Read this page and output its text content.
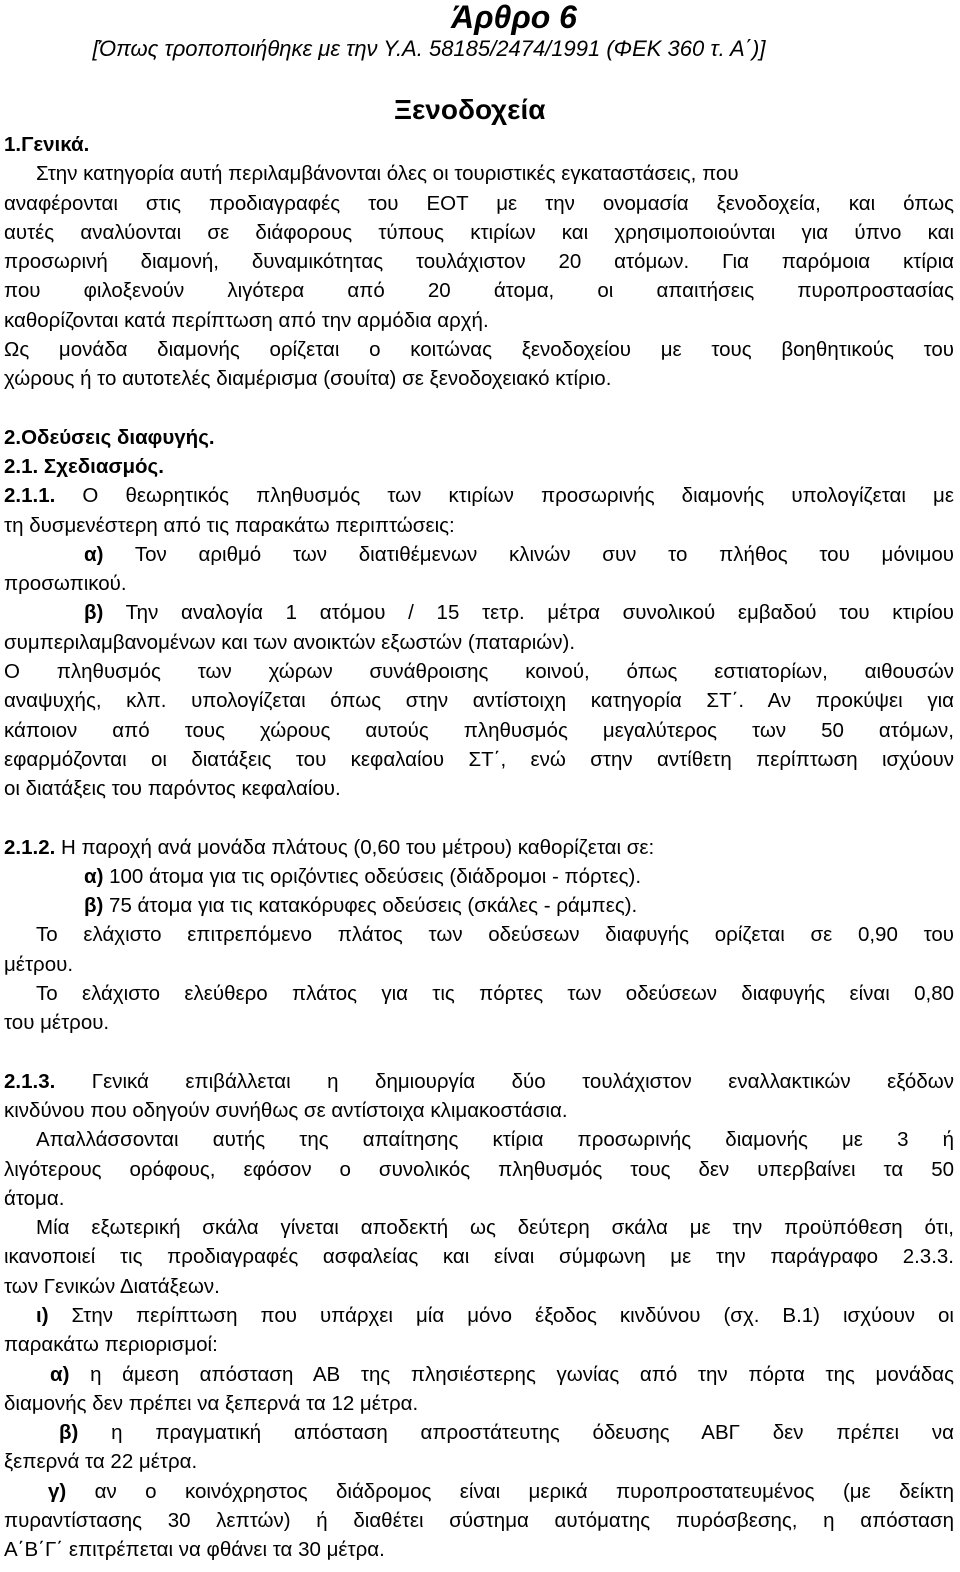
Άρθρο 6
[Όπως τροποποιήθηκε με την Υ.Α. 58185/2474/1991 (ΦΕΚ 360 τ. Α΄)]
Ξενοδοχεία
1.Γενικά.
Στην κατηγορία αυτή περιλαμβάνονται όλες οι τουριστικές εγκαταστάσεις, που
αναφέρονται στις προδιαγραφές του ΕΟΤ με την ονομασία ξενοδοχεία, και όπως
αυτές αναλύονται σε διάφορους τύπους κτιρίων και χρησιμοποιούνται για ύπνο και
προσωρινή διαμονή, δυναμικότητας τουλάχιστον 20 ατόμων. Για παρόμοια κτίρια
που φιλοξενούν λιγότερα από 20 άτομα, οι απαιτήσεις πυροπροστασίας
καθορίζονται κατά περίπτωση από την αρμόδια αρχή.
Ως μονάδα διαμονής ορίζεται ο κοιτώνας ξενοδοχείου με τους βοηθητικούς του
χώρους ή το αυτοτελές διαμέρισμα (σουίτα) σε ξενοδοχειακό κτίριο.
2.Οδεύσεις διαφυγής.
2.1. Σχεδιασμός.
2.1.1. Ο θεωρητικός πληθυσμός των κτιρίων προσωρινής διαμονής υπολογίζεται με
τη δυσμενέστερη από τις παρακάτω περιπτώσεις:
α) Τον αριθμό των διατιθέμενων κλινών συν το πλήθος του μόνιμου
προσωπικού.
β) Την αναλογία 1 ατόμου / 15 τετρ. μέτρα συνολικού εμβαδού του κτιρίου
συμπεριλαμβανομένων και των ανοικτών εξωστών (παταριών).
Ο πληθυσμός των χώρων συνάθροισης κοινού, όπως εστιατορίων, αιθουσών
αναψυχής, κλπ. υπολογίζεται όπως στην αντίστοιχη κατηγορία ΣΤ΄. Αν προκύψει για
κάποιον από τους χώρους αυτούς πληθυσμός μεγαλύτερος των 50 ατόμων,
εφαρμόζονται οι διατάξεις του κεφαλαίου ΣΤ΄, ενώ στην αντίθετη περίπτωση ισχύουν
οι διατάξεις του παρόντος κεφαλαίου.
2.1.2. Η παροχή ανά μονάδα πλάτους (0,60 του μέτρου) καθορίζεται σε:
α) 100 άτομα για τις οριζόντιες οδεύσεις (διάδρομοι - πόρτες).
β) 75 άτομα για τις κατακόρυφες οδεύσεις (σκάλες - ράμπες).
Το ελάχιστο επιτρεπόμενο πλάτος των οδεύσεων διαφυγής ορίζεται σε 0,90 του
μέτρου.
Το ελάχιστο ελεύθερο πλάτος για τις πόρτες των οδεύσεων διαφυγής είναι 0,80
του μέτρου.
2.1.3. Γενικά επιβάλλεται η δημιουργία δύο τουλάχιστον εναλλακτικών εξόδων
κινδύνου που οδηγούν συνήθως σε αντίστοιχα κλιμακοστάσια.
Απαλλάσσονται αυτής της απαίτησης κτίρια προσωρινής διαμονής με 3 ή
λιγότερους ορόφους, εφόσον ο συνολικός πληθυσμός τους δεν υπερβαίνει τα 50
άτομα.
Μία εξωτερική σκάλα γίνεται αποδεκτή ως δεύτερη σκάλα με την προϋπόθεση ότι,
ικανοποιεί τις προδιαγραφές ασφαλείας και είναι σύμφωνη με την παράγραφο 2.3.3.
των Γενικών Διατάξεων.
ι) Στην περίπτωση που υπάρχει μία μόνο έξοδος κινδύνου (σχ. Β.1) ισχύουν οι
παρακάτω περιορισμοί:
α) η άμεση απόσταση ΑΒ της πλησιέστερης γωνίας από την πόρτα της μονάδας
διαμονής δεν πρέπει να ξεπερνά τα 12 μέτρα.
β) η πραγματική απόσταση απροστάτευτης όδευσης ΑΒΓ δεν πρέπει να
ξεπερνά τα 22 μέτρα.
γ) αν ο κοινόχρηστος διάδρομος είναι μερικά πυροπροστατευμένος (με δείκτη
πυραντίστασης 30 λεπτών) ή διαθέτει σύστημα αυτόματης πυρόσβεσης, η απόσταση
Α΄Β΄Γ΄ επιτρέπεται να φθάνει τα 30 μέτρα.
